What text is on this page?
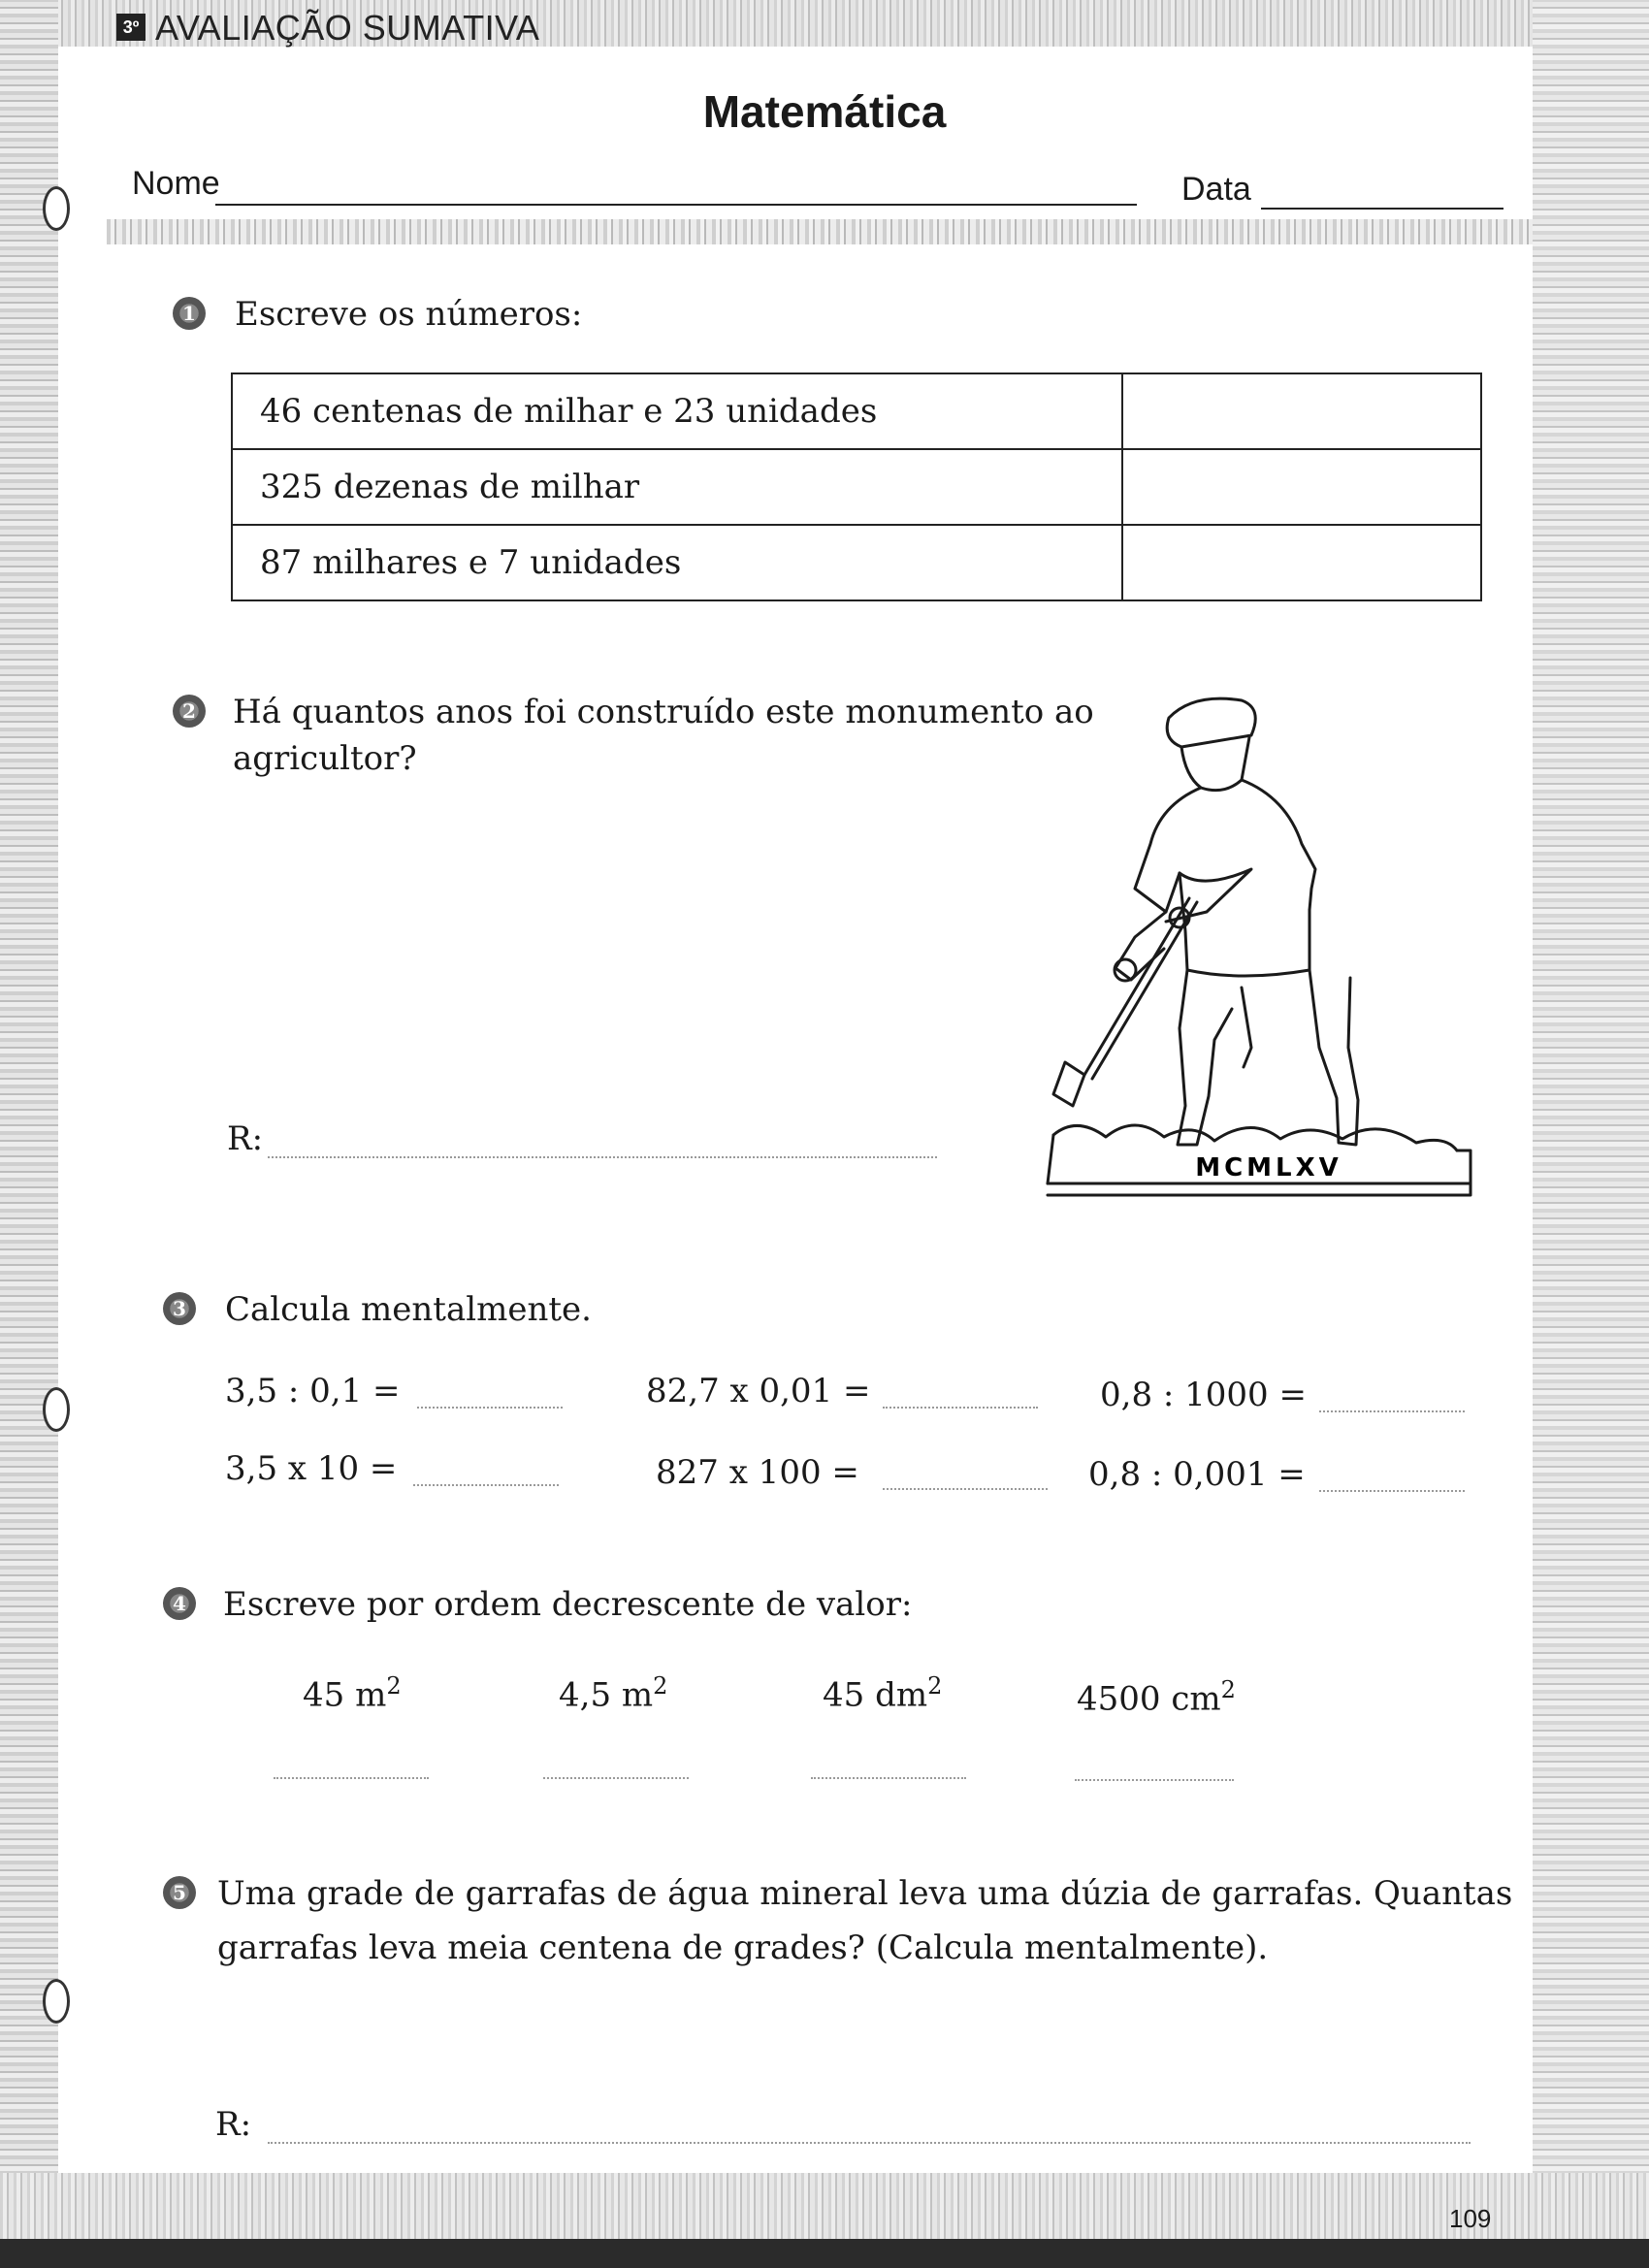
3º AVALIAÇÃO SUMATIVA
Matemática
Nome	Data
1 Escreve os números:
46 centenas de milhar e 23 unidades	
325 dezenas de milhar	
87 milhares e 7 unidades	
2 Há quantos anos foi construído este monumento ao
agricultor?
R:
MCMLXV
3 Calcula mentalmente.
3,5 : 0,1 =	82,7 x 0,01 =	0,8 : 1000 =
3,5 x 10 =	827 x 100 =	0,8 : 0,001 =
4 Escreve por ordem decrescente de valor:
45 $m^2$	4,5 $m^2$	45 $dm^2$	4500 $cm^2$
5 Uma grade de garrafas de água mineral leva uma dúzia de garrafas. Quantas
garrafas leva meia centena de grades? (Calcula mentalmente).
R:
109
